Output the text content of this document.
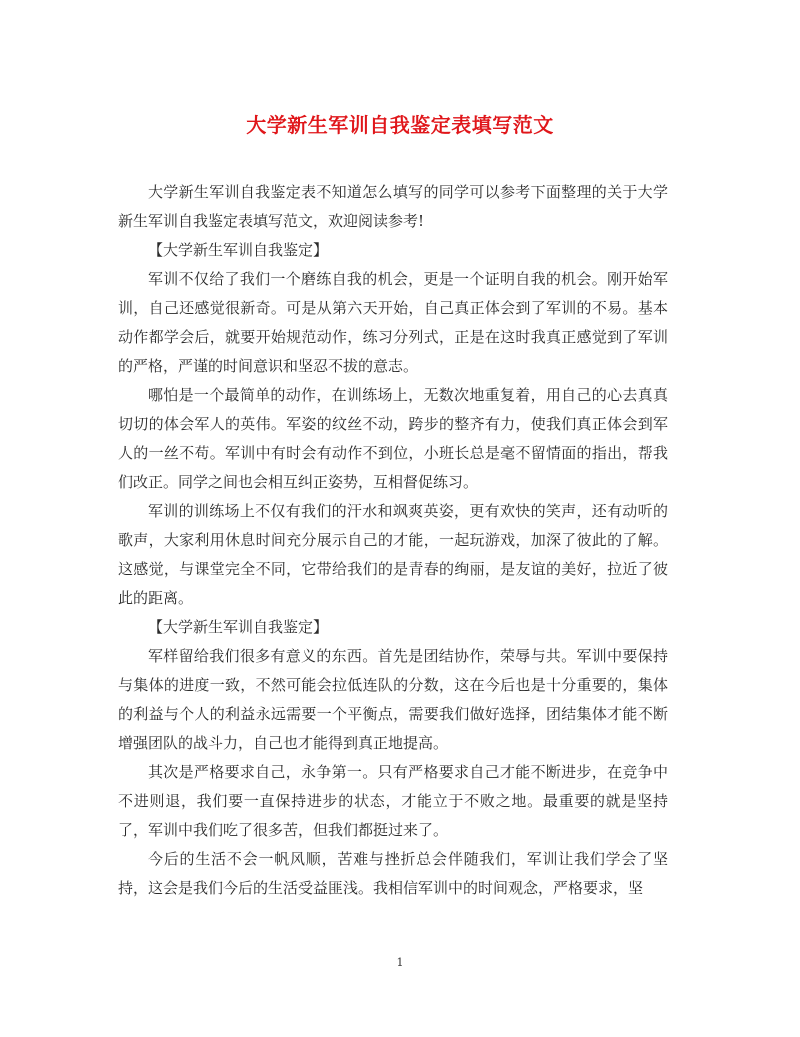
大学新生军训自我鉴定表填写范文

大学新生军训自我鉴定表不知道怎么填写的同学可以参考下面整理的关于大学新生军训自我鉴定表填写范文，欢迎阅读参考!

【大学新生军训自我鉴定】

军训不仅给了我们一个磨练自我的机会，更是一个证明自我的机会。刚开始军训，自己还感觉很新奇。可是从第六天开始，自己真正体会到了军训的不易。基本动作都学会后，就要开始规范动作，练习分列式，正是在这时我真正感觉到了军训的严格，严谨的时间意识和坚忍不拔的意志。

哪怕是一个最简单的动作，在训练场上，无数次地重复着，用自己的心去真真切切的体会军人的英伟。军姿的纹丝不动，跨步的整齐有力，使我们真正体会到军人的一丝不苟。军训中有时会有动作不到位，小班长总是毫不留情面的指出，帮我们改正。同学之间也会相互纠正姿势，互相督促练习。

军训的训练场上不仅有我们的汗水和飒爽英姿，更有欢快的笑声，还有动听的歌声，大家利用休息时间充分展示自己的才能，一起玩游戏，加深了彼此的了解。这感觉，与课堂完全不同，它带给我们的是青春的绚丽，是友谊的美好，拉近了彼此的距离。

【大学新生军训自我鉴定】

军样留给我们很多有意义的东西。首先是团结协作，荣辱与共。军训中要保持与集体的进度一致，不然可能会拉低连队的分数，这在今后也是十分重要的，集体的利益与个人的利益永远需要一个平衡点，需要我们做好选择，团结集体才能不断增强团队的战斗力，自己也才能得到真正地提高。

其次是严格要求自己，永争第一。只有严格要求自己才能不断进步，在竞争中不进则退，我们要一直保持进步的状态，才能立于不败之地。最重要的就是坚持了，军训中我们吃了很多苦，但我们都挺过来了。

今后的生活不会一帆风顺，苦难与挫折总会伴随我们，军训让我们学会了坚持，这会是我们今后的生活受益匪浅。我相信军训中的时间观念，严格要求，坚

1
